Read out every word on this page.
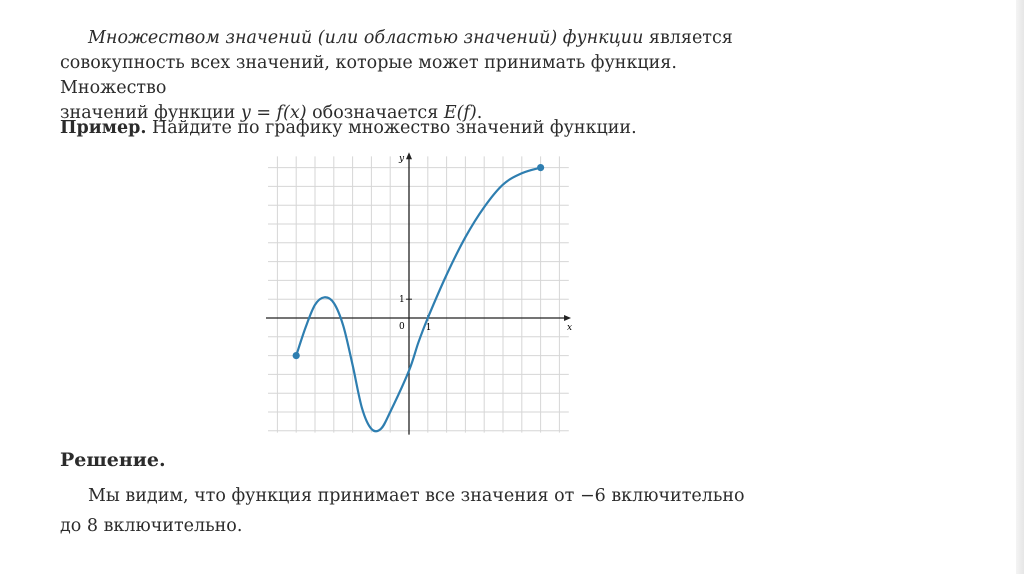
Множеством значений (или областью значений) функции является
совокупность всех значений, которые может принимать функция. Множество
значений функции y = f(x) обозначается E(f).

Пример. Найдите по графику множество значений функции.

y
x
0 1
1

Решение.

Мы видим, что функция принимает все значения от −6 включительно
до 8 включительно.
